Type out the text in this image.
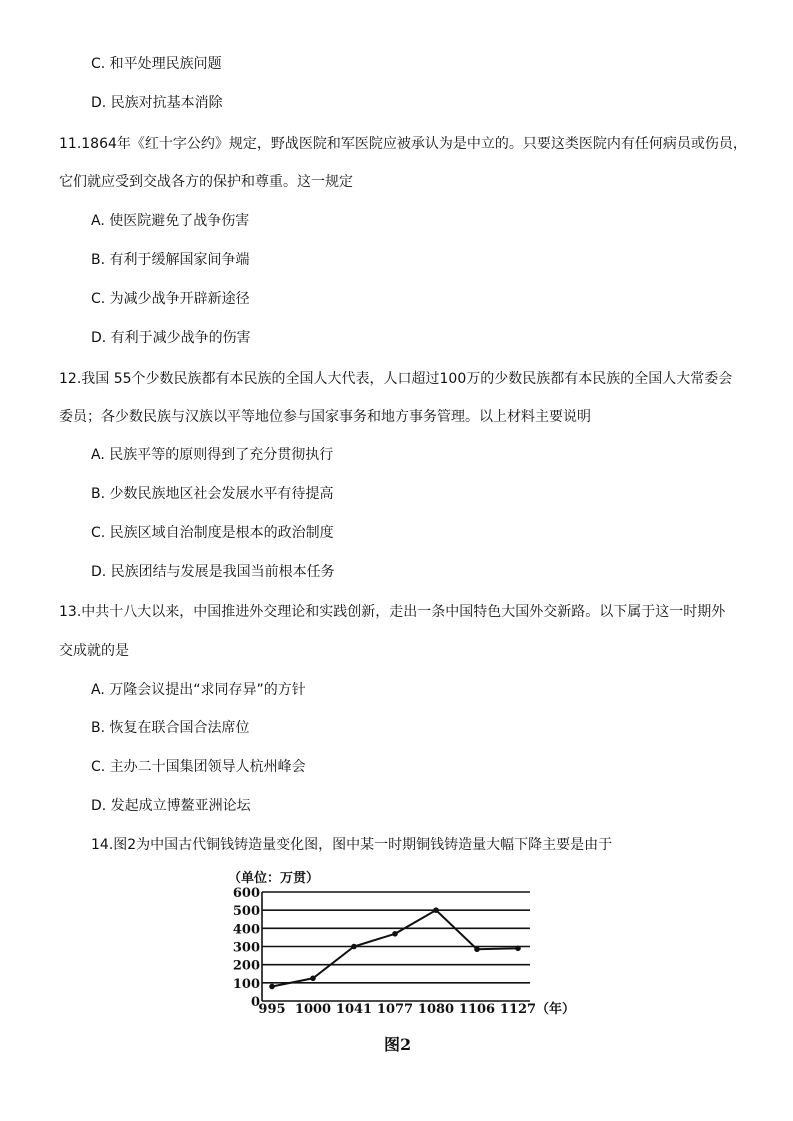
C. 和平处理民族问题
D. 民族对抗基本消除
11.1864年《红十字公约》规定，野战医院和军医院应被承认为是中立的。只要这类医院内有任何病员或伤员，
它们就应受到交战各方的保护和尊重。这一规定
A. 使医院避免了战争伤害
B. 有利于缓解国家间争端
C. 为减少战争开辟新途径
D. 有利于减少战争的伤害
12.我国 55个少数民族都有本民族的全国人大代表，人口超过100万的少数民族都有本民族的全国人大常委会
委员；各少数民族与汉族以平等地位参与国家事务和地方事务管理。以上材料主要说明
A. 民族平等的原则得到了充分贯彻执行
B. 少数民族地区社会发展水平有待提高
C. 民族区域自治制度是根本的政治制度
D. 民族团结与发展是我国当前根本任务
13.中共十八大以来，中国推进外交理论和实践创新，走出一条中国特色大国外交新路。以下属于这一时期外
交成就的是
A. 万隆会议提出“求同存异”的方针
B. 恢复在联合国合法席位
C. 主办二十国集团领导人杭州峰会
D. 发起成立博鳌亚洲论坛
14.图2为中国古代铜钱铸造量变化图，图中某一时期铜钱铸造量大幅下降主要是由于
（单位：万贯）
0
100
200
300
400
500
600
995 1000 1041 1077 1080 1106 1127 （年）
图2
